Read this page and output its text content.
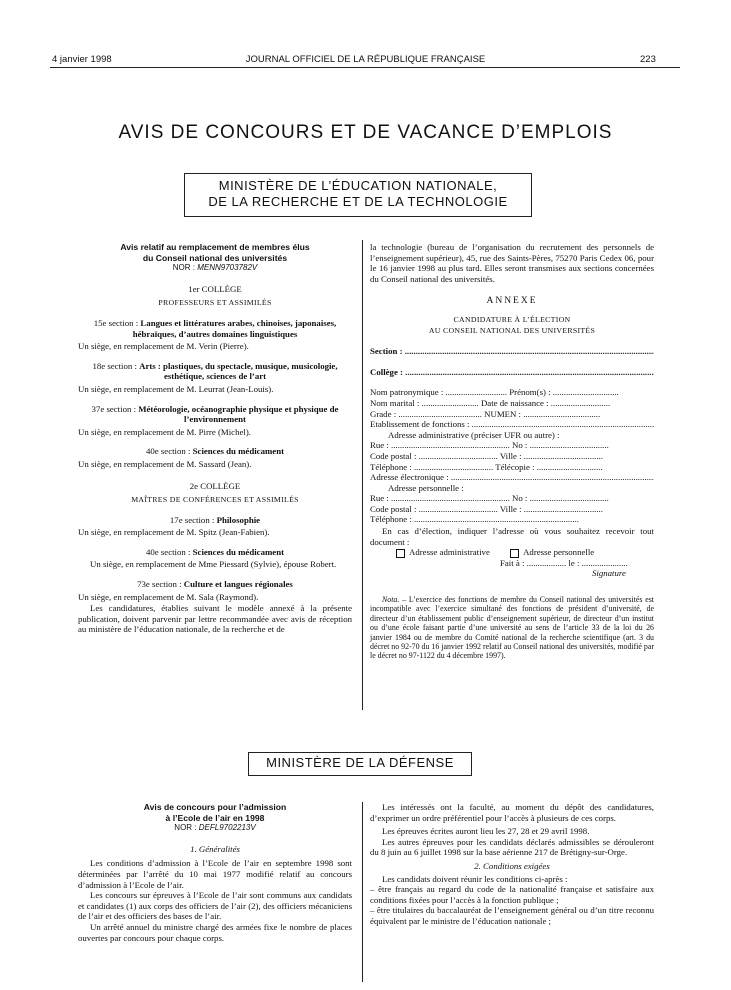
4 janvier 1998	JOURNAL OFFICIEL DE LA RÉPUBLIQUE FRANÇAISE	223
AVIS DE CONCOURS ET DE VACANCE D’EMPLOIS
MINISTÈRE DE L’ÉDUCATION NATIONALE,
DE LA RECHERCHE ET DE LA TECHNOLOGIE
Avis relatif au remplacement de membres élus
du Conseil national des universités
NOR : MENN9703782V
1er COLLÈGE
PROFESSEURS ET ASSIMILÉS
15e section : Langues et littératures arabes, chinoises, japonaises, hébraïques, d’autres domaines linguistiques

Un siège, en remplacement de M. Verin (Pierre).

18e section : Arts : plastiques, du spectacle, musique, musicologie, esthétique, sciences de l’art

Un siège, en remplacement de M. Leurrat (Jean-Louis).

37e section : Météorologie, océanographie physique et physique de l’environnement

Un siège, en remplacement de M. Pirre (Michel).

40e section : Sciences du médicament

Un siège, en remplacement de M. Sassard (Jean).

2e COLLÈGE
MAÎTRES DE CONFÉRENCES ET ASSIMILÉS
17e section : Philosophie

Un siège, en remplacement de M. Spitz (Jean-Fabien).

40e section : Sciences du médicament

Un siège, en remplacement de Mme Piessard (Sylvie), épouse Robert.

73e section : Culture et langues régionales

Un siège, en remplacement de M. Sala (Raymond).

Les candidatures, établies suivant le modèle annexé à la présente publication, doivent parvenir par lettre recommandée avec avis de réception au ministère de l’éducation nationale, de la recherche et de

la technologie (bureau de l’organisation du recrutement des personnels de l’enseignement supérieur), 45, rue des Saints-Pères, 75270 Paris Cedex 06, pour le 16 janvier 1998 au plus tard. Elles seront transmises aux sections concernées du Conseil national des universités.

ANNEXE
CANDIDATURE À L’ÉLECTION
AU CONSEIL NATIONAL DES UNIVERSITÉS

Section : .....

Collège : .....

Nom patronymique : ............................ Prénom(s) : ..............................

Nom marital : .......................... Date de naissance : ...........................

Grade : ...................................... NUMEN : ...................................

Etablissement de fonctions : .....

Adresse administrative (préciser UFR ou autre) :

Rue : ...................................................... No : ....................................

Code postal : .................................... Ville : ....................................

Téléphone : .................................... Télécopie : ..............................

Adresse électronique : .....

Adresse personnelle :

Rue : ...................................................... No : ....................................

Code postal : .................................... Ville : ....................................

Téléphone : ...........................................................................

En cas d’élection, indiquer l’adresse où vous souhaitez recevoir tout document :

Adresse administrative	Adresse personnelle

Fait à : .................. le : .....................

Signature

Nota. – L’exercice des fonctions de membre du Conseil national des universités est incompatible avec l’exercice simultané des fonctions de président d’université, de directeur d’un établissement public d’enseignement supérieur, de directeur d’un institut ou d’une école faisant partie d’une université au sens de l’article 33 de la loi du 26 janvier 1984 ou de membre du Comité national de la recherche scientifique (art. 3 du décret no 92-70 du 16 janvier 1992 relatif au Conseil national des universités, modifié par le décret no 97-1122 du 4 décembre 1997).

MINISTÈRE DE LA DÉFENSE
Avis de concours pour l’admission
à l’Ecole de l’air en 1998
NOR : DEFL9702213V
1. Généralités

Les conditions d’admission à l’Ecole de l’air en septembre 1998 sont déterminées par l’arrêté du 10 mai 1977 modifié relatif au concours d’admission à l’Ecole de l’air.

Les concours sur épreuves à l’Ecole de l’air sont communs aux candidats et candidates (1) aux corps des officiers de l’air (2), des officiers mécaniciens de l’air et des officiers des bases de l’air.

Un arrêté annuel du ministre chargé des armées fixe le nombre de places ouvertes par concours pour chaque corps.

Les intéressés ont la faculté, au moment du dépôt des candidatures, d’exprimer un ordre préférentiel pour l’accès à plusieurs de ces corps.

Les épreuves écrites auront lieu les 27, 28 et 29 avril 1998.

Les autres épreuves pour les candidats déclarés admissibles se dérouleront du 8 juin au 6 juillet 1998 sur la base aérienne 217 de Brétigny-sur-Orge.

2. Conditions exigées

Les candidats doivent réunir les conditions ci-après :

– être français au regard du code de la nationalité française et satisfaire aux conditions fixées pour l’accès à la fonction publique ;

– être titulaires du baccalauréat de l’enseignement général ou d’un titre reconnu équivalent par le ministre de l’éducation nationale ;
